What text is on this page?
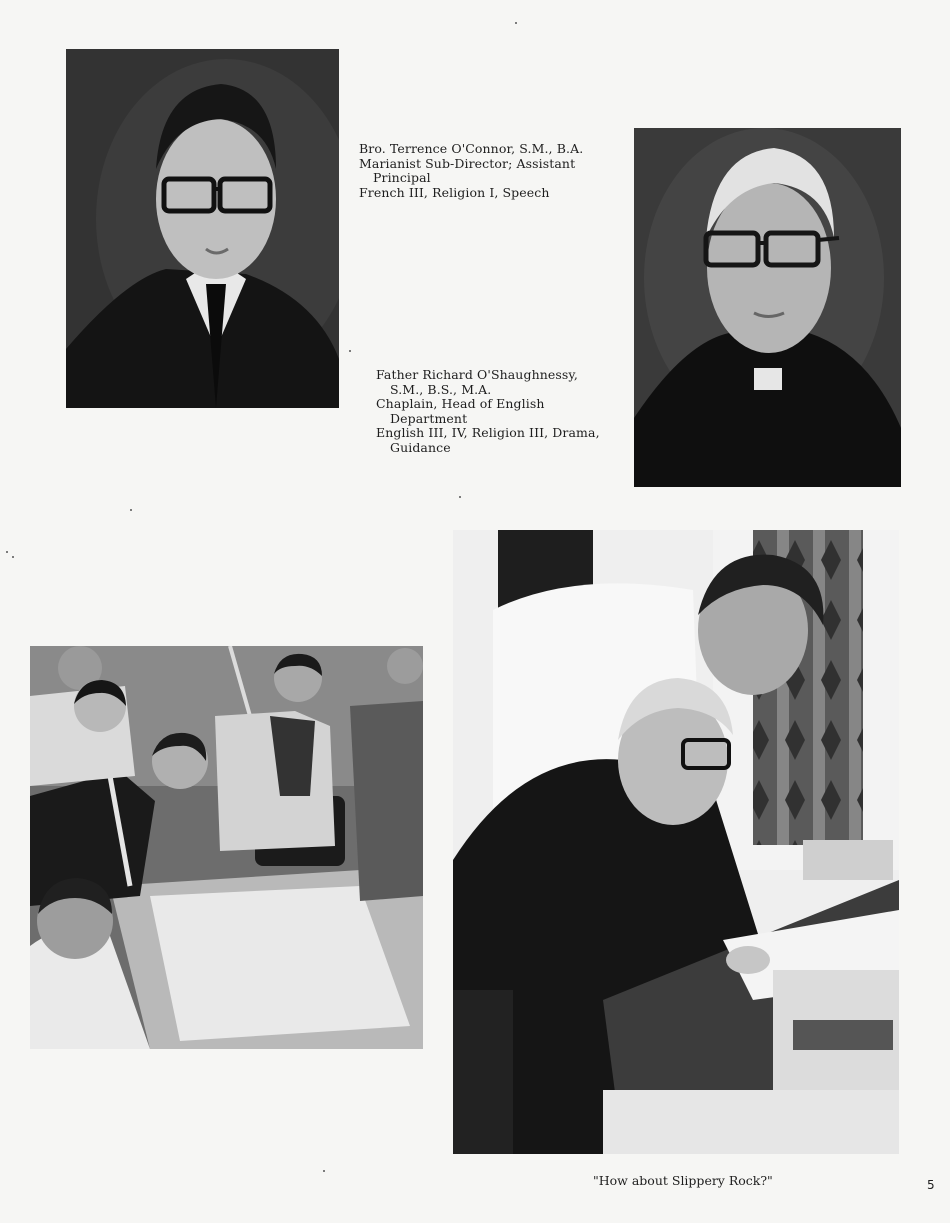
Bro. Terrence O'Connor, S.M., B.A.
Marianist Sub-Director; Assistant
Principal
French III, Religion I, Speech
Father Richard O'Shaughnessy,
S.M., B.S., M.A.
Chaplain, Head of English
Department
English III, IV, Religion III, Drama,
Guidance
"How about Slippery Rock?"	5
